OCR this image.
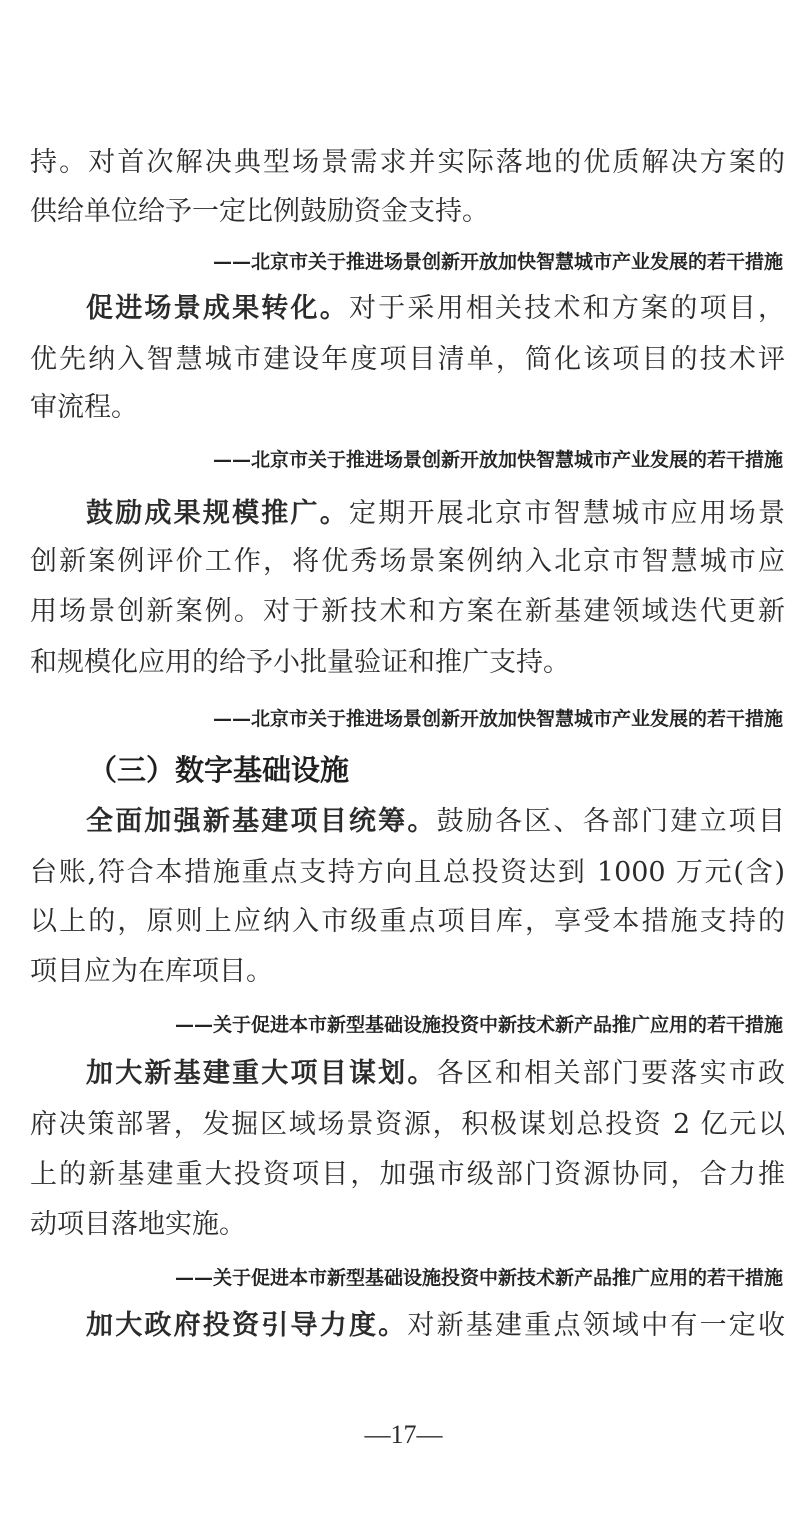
持。对首次解决典型场景需求并实际落地的优质解决方案的
供给单位给予一定比例鼓励资金支持。
——北京市关于推进场景创新开放加快智慧城市产业发展的若干措施
促进场景成果转化。对于采用相关技术和方案的项目，
优先纳入智慧城市建设年度项目清单，简化该项目的技术评
审流程。
——北京市关于推进场景创新开放加快智慧城市产业发展的若干措施
鼓励成果规模推广。定期开展北京市智慧城市应用场景
创新案例评价工作，将优秀场景案例纳入北京市智慧城市应
用场景创新案例。对于新技术和方案在新基建领域迭代更新
和规模化应用的给予小批量验证和推广支持。
——北京市关于推进场景创新开放加快智慧城市产业发展的若干措施
（三）数字基础设施
全面加强新基建项目统筹。鼓励各区、各部门建立项目
台账,符合本措施重点支持方向且总投资达到 1000 万元(含)
以上的，原则上应纳入市级重点项目库，享受本措施支持的
项目应为在库项目。
——关于促进本市新型基础设施投资中新技术新产品推广应用的若干措施
加大新基建重大项目谋划。各区和相关部门要落实市政
府决策部署，发掘区域场景资源，积极谋划总投资 2 亿元以
上的新基建重大投资项目，加强市级部门资源协同，合力推
动项目落地实施。
——关于促进本市新型基础设施投资中新技术新产品推广应用的若干措施
加大政府投资引导力度。对新基建重点领域中有一定收
—17—
